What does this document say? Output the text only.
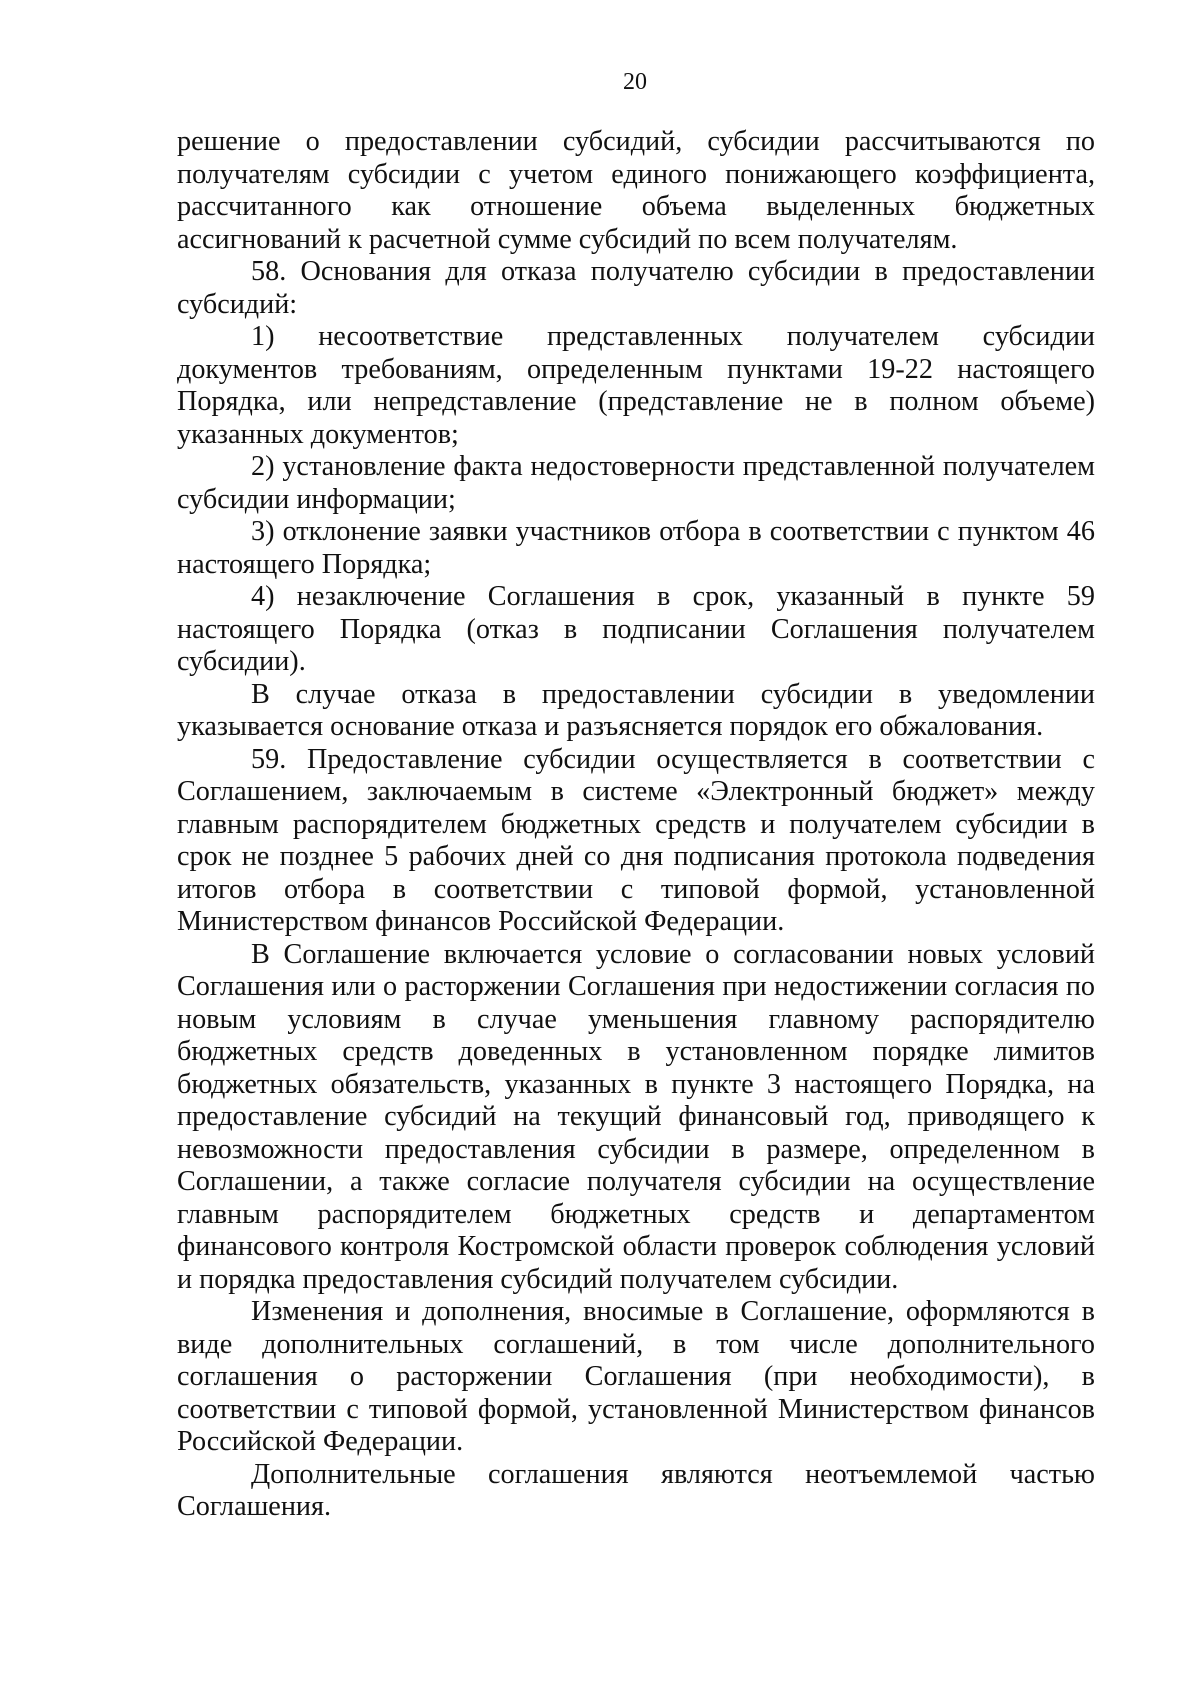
20

решение о предоставлении субсидий, субсидии рассчитываются по получателям субсидии с учетом единого понижающего коэффициента, рассчитанного как отношение объема выделенных бюджетных ассигнований к расчетной сумме субсидий по всем получателям.

58. Основания для отказа получателю субсидии в предоставлении субсидий:

1) несоответствие представленных получателем субсидии документов требованиям, определенным пунктами 19-22 настоящего Порядка, или непредставление (представление не в полном объеме) указанных документов;

2) установление факта недостоверности представленной получателем субсидии информации;

3) отклонение заявки участников отбора в соответствии с пунктом 46 настоящего Порядка;

4) незаключение Соглашения в срок, указанный в пункте 59 настоящего Порядка (отказ в подписании Соглашения получателем субсидии).

В случае отказа в предоставлении субсидии в уведомлении указывается основание отказа и разъясняется порядок его обжалования.

59. Предоставление субсидии осуществляется в соответствии с Соглашением, заключаемым в системе «Электронный бюджет» между главным распорядителем бюджетных средств и получателем субсидии в срок не позднее 5 рабочих дней со дня подписания протокола подведения итогов отбора в соответствии с типовой формой, установленной Министерством финансов Российской Федерации.

В Соглашение включается условие о согласовании новых условий Соглашения или о расторжении Соглашения при недостижении согласия по новым условиям в случае уменьшения главному распорядителю бюджетных средств доведенных в установленном порядке лимитов бюджетных обязательств, указанных в пункте 3 настоящего Порядка, на предоставление субсидий на текущий финансовый год, приводящего к невозможности предоставления субсидии в размере, определенном в Соглашении, а также согласие получателя субсидии на осуществление главным распорядителем бюджетных средств и департаментом финансового контроля Костромской области проверок соблюдения условий и порядка предоставления субсидий получателем субсидии.

Изменения и дополнения, вносимые в Соглашение, оформляются в виде дополнительных соглашений, в том числе дополнительного соглашения о расторжении Соглашения (при необходимости), в соответствии с типовой формой, установленной Министерством финансов Российской Федерации.

Дополнительные соглашения являются неотъемлемой частью Соглашения.
